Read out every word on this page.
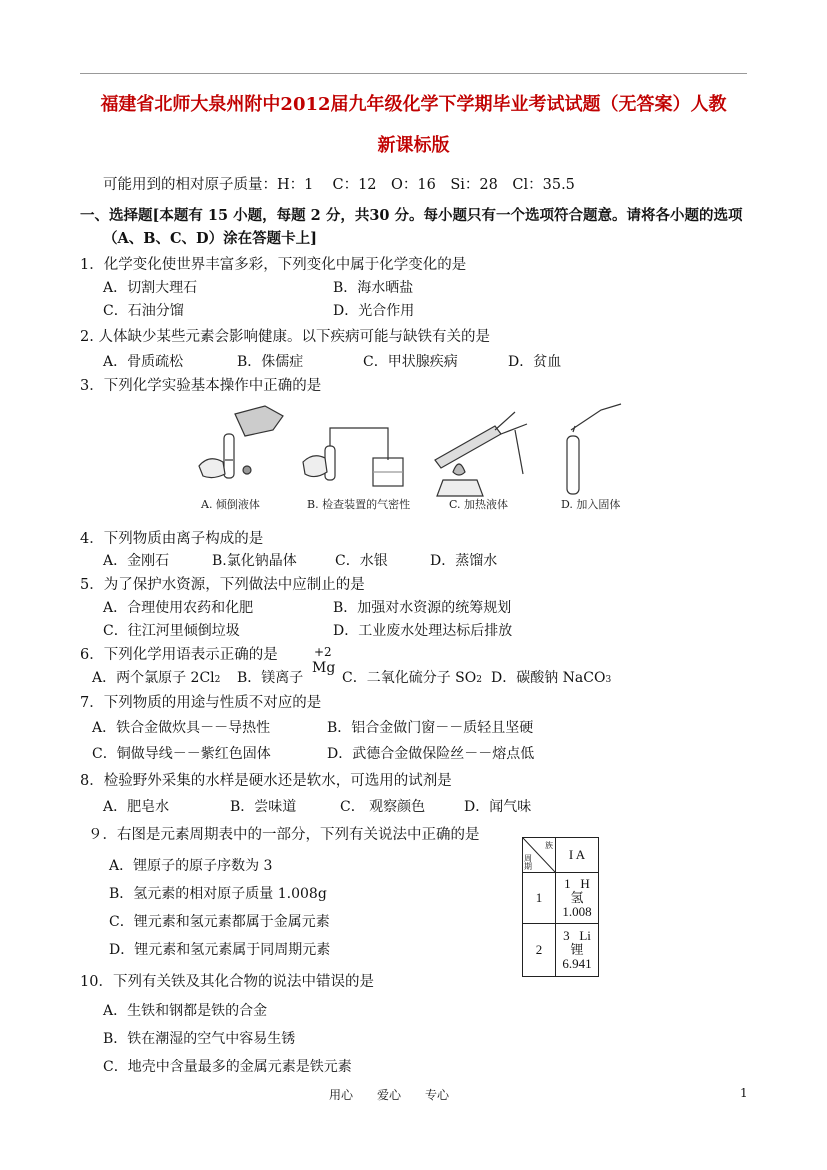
福建省北师大泉州附中2012届九年级化学下学期毕业考试试题（无答案）人教
新课标版
可能用到的相对原子质量：H：1　 C：12　O：16　Si：28　Cl：35.5
一、选择题[本题有 15 小题，每题 2 分，共30 分。每小题只有一个选项符合题意。请将各小题的选项
（A、B、C、D）涂在答题卡上]
1．化学变化使世界丰富多彩，下列变化中属于化学变化的是
A．切割大理石	B．海水晒盐
C．石油分馏	D．光合作用
2. 人体缺少某些元素会影响健康。以下疾病可能与缺铁有关的是
A．骨质疏松	B．侏儒症	C．甲状腺疾病	D．贫血
3．下列化学实验基本操作中正确的是
A. 倾倒液体	B. 检查装置的气密性	C. 加热液体	D. 加入固体
4．下列物质由离子构成的是
A．金刚石	B.氯化钠晶体	C．水银	D．蒸馏水
5．为了保护水资源，下列做法中应制止的是
A．合理使用农药和化肥	B．加强对水资源的统筹规划
C．往江河里倾倒垃圾	D．工业废水处理达标后排放
6．下列化学用语表示正确的是
A．两个氯原子 2Cl2 B．镁离子
+2
Mg
C．二氧化硫分子 SO2 D．碳酸钠 NaCO3
7．下列物质的用途与性质不对应的是
A．铁合金做炊具－－导热性	B．铝合金做门窗－－质轻且坚硬
C．铜做导线－－紫红色固体	D．武德合金做保险丝－－熔点低
8．检验野外采集的水样是硬水还是软水，可选用的试剂是
A．肥皂水	B．尝味道	C． 观察颜色	D．闻气味
９．右图是元素周期表中的一部分，下列有关说法中正确的是
A．锂原子的原子序数为 3
B．氢元素的相对原子质量 1.008g
C．锂元素和氢元素都属于金属元素
D．锂元素和氢元素属于同周期元素
族
周期	I A
1	1 H
氢
1.008

2	3 Li
锂
6.941
10．下列有关铁及其化合物的说法中错误的是
A．生铁和钢都是铁的合金
B．铁在潮湿的空气中容易生锈
C．地壳中含量最多的金属元素是铁元素
用心　　爱心　　专心	1
